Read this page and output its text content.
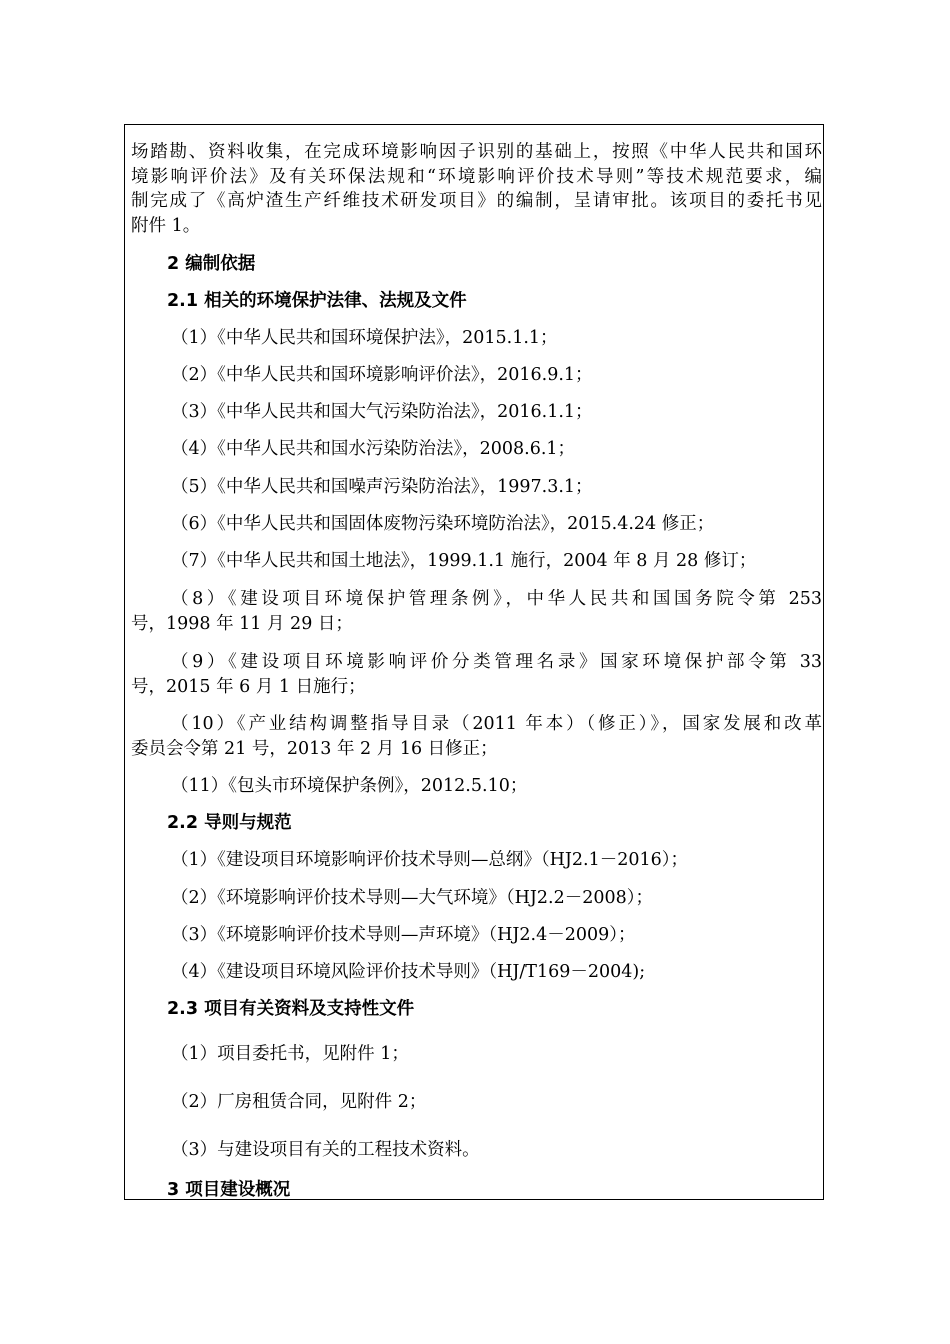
场踏勘、资料收集，在完成环境影响因子识别的基础上，按照《中华人民共和国环
境影响评价法》及有关环保法规和“环境影响评价技术导则”等技术规范要求，编
制完成了《高炉渣生产纤维技术研发项目》的编制，呈请审批。该项目的委托书见
附件 1。
2 编制依据
2.1 相关的环境保护法律、法规及文件
（1）《中华人民共和国环境保护法》，2015.1.1；
（2）《中华人民共和国环境影响评价法》，2016.9.1；
（3）《中华人民共和国大气污染防治法》，2016.1.1；
（4）《中华人民共和国水污染防治法》，2008.6.1；
（5）《中华人民共和国噪声污染防治法》，1997.3.1；
（6）《中华人民共和国固体废物污染环境防治法》，2015.4.24 修正；
（7）《中华人民共和国土地法》，1999.1.1 施行，2004 年 8 月 28 修订；
（8）《建设项目环境保护管理条例》，中华人民共和国国务院令第 253
号，1998 年 11 月 29 日；
（9）《建设项目环境影响评价分类管理名录》国家环境保护部令第 33
号，2015 年 6 月 1 日施行；
（10）《产业结构调整指导目录（2011 年本）（修正）》，国家发展和改革
委员会令第 21 号，2013 年 2 月 16 日修正；
（11）《包头市环境保护条例》，2012.5.10；
2.2 导则与规范
（1）《建设项目环境影响评价技术导则—总纲》（HJ2.1－2016）；
（2）《环境影响评价技术导则—大气环境》（HJ2.2－2008）；
（3）《环境影响评价技术导则—声环境》（HJ2.4－2009）；
（4）《建设项目环境风险评价技术导则》（HJ/T169－2004);
2.3 项目有关资料及支持性文件
（1）项目委托书，见附件 1；
（2）厂房租赁合同，见附件 2；
（3）与建设项目有关的工程技术资料。
3 项目建设概况
